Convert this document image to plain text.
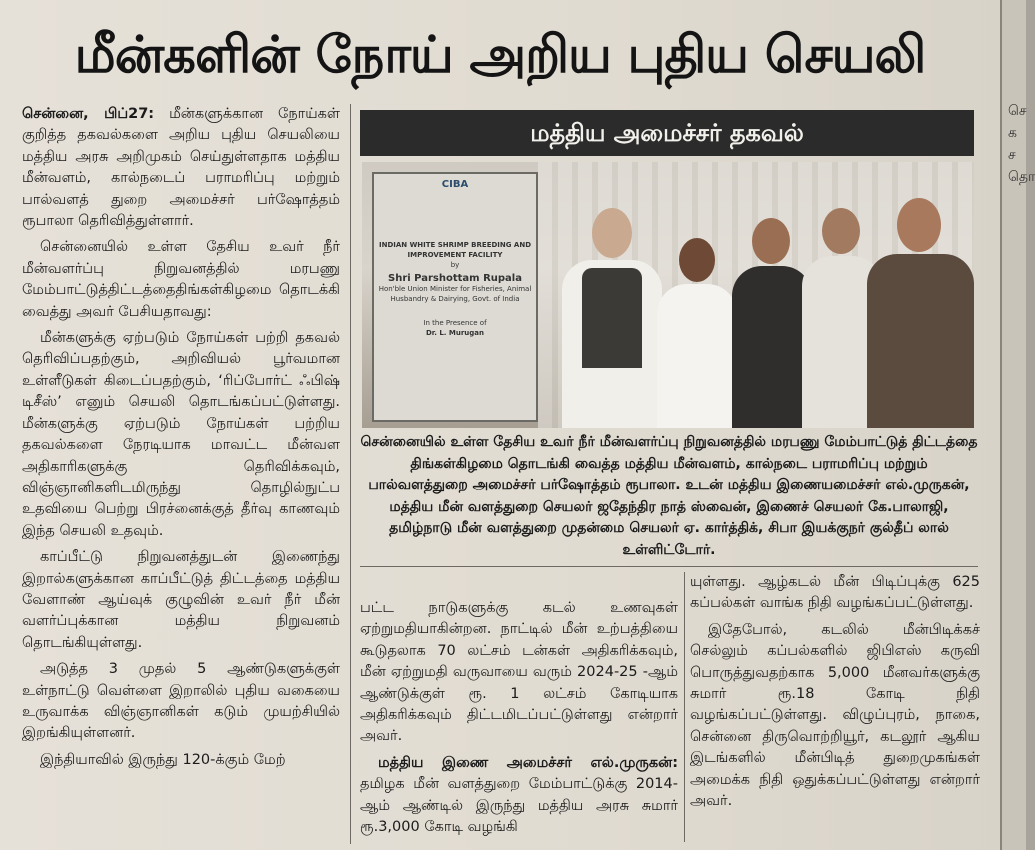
மீன்களின் நோய் அறிய புதிய செயலி

சென்னை, பிப்27: மீன்களுக்கான நோய்கள் குறித்த தகவல்களை அறிய புதிய செயலியை மத்திய அரசு அறிமுகம் செய்துள்ளதாக மத்திய மீன்வளம், கால்நடைப் பராமரிப்பு மற்றும் பால்வளத் துறை அமைச்சர் பர்ஷோத்தம் ரூபாலா தெரிவித்துள்ளார்.

சென்னையில் உள்ள தேசிய உவர் நீர் மீன்வளர்ப்பு நிறுவனத்தில் மரபணு மேம்பாட்டுத்திட்டத்தைதிங்கள்கிழமை தொடக்கி வைத்து அவர் பேசியதாவது:

மீன்களுக்கு ஏற்படும் நோய்கள் பற்றி தகவல் தெரிவிப்பதற்கும், அறிவியல் பூர்வமான உள்ளீடுகள் கிடைப்பதற்கும், ‘ரிப்போர்ட் ஃபிஷ் டிசீஸ்’ எனும் செயலி தொடங்கப்பட்டுள்ளது. மீன்களுக்கு ஏற்படும் நோய்கள் பற்றிய தகவல்களை நேரடியாக மாவட்ட மீன்வள அதிகாரிகளுக்கு தெரிவிக்கவும், விஞ்ஞானிகளிடமிருந்து தொழில்நுட்ப உதவியை பெற்று பிரச்னைக்குத் தீர்வு காணவும் இந்த செயலி உதவும்.

காப்பீட்டு நிறுவனத்துடன் இணைந்து இறால்களுக்கான காப்பீட்டுத் திட்டத்தை மத்திய வேளாண் ஆய்வுக் குழுவின் உவர் நீர் மீன் வளர்ப்புக்கான மத்திய நிறுவனம் தொடங்கியுள்ளது.

அடுத்த 3 முதல் 5 ஆண்டுகளுக்குள் உள்நாட்டு வெள்ளை இறாலில் புதிய வகையை உருவாக்க விஞ்ஞானிகள் கடும் முயற்சியில் இறங்கியுள்ளனர்.

இந்தியாவில் இருந்து 120-க்கும் மேற்

மத்திய அமைச்சர் தகவல்
CIBA
INDIAN WHITE SHRIMP BREEDING AND IMPROVEMENT FACILITY
by
Shri Parshottam Rupala
Hon'ble Union Minister for Fisheries, Animal Husbandry & Dairying, Govt. of India
In the Presence of
Dr. L. Murugan
சென்னையில் உள்ள தேசிய உவர் நீர் மீன்வளர்ப்பு நிறுவனத்தில் மரபணு மேம்பாட்டுத் திட்டத்தை திங்கள்கிழமை தொடங்கி வைத்த மத்திய மீன்வளம், கால்நடை பராமரிப்பு மற்றும் பால்வளத்துறை அமைச்சர் பர்ஷோத்தம் ரூபாலா. உடன் மத்திய இணையமைச்சர் எல்.முருகன், மத்திய மீன் வளத்துறை செயலர் ஜதேந்திர நாத் ஸ்வைன், இணைச் செயலர் கே.பாலாஜி, தமிழ்நாடு மீன் வளத்துறை முதன்மை செயலர் ஏ. கார்த்திக், சிபா இயக்குநர் குல்தீப் லால் உள்ளிட்டோர்.

பட்ட நாடுகளுக்கு கடல் உணவுகள் ஏற்றுமதியாகின்றன. நாட்டில் மீன் உற்பத்தியை கூடுதலாக 70 லட்சம் டன்கள் அதிகரிக்கவும், மீன் ஏற்றுமதி வருவாயை வரும் 2024-25 -ஆம் ஆண்டுக்குள் ரூ. 1 லட்சம் கோடியாக அதிகரிக்கவும் திட்டமிடப்பட்டுள்ளது என்றார் அவர்.

மத்திய இணை அமைச்சர் எல்.முருகன்: தமிழக மீன் வளத்துறை மேம்பாட்டுக்கு 2014-ஆம் ஆண்டில் இருந்து மத்திய அரசு சுமார் ரூ.3,000 கோடி வழங்கி

யுள்ளது. ஆழ்கடல் மீன் பிடிப்புக்கு 625 கப்பல்கள் வாங்க நிதி வழங்கப்பட்டுள்ளது.

இதேபோல், கடலில் மீன்பிடிக்கச் செல்லும் கப்பல்களில் ஜிபிஎஸ் கருவி பொருத்துவதற்காக 5,000 மீனவர்களுக்கு சுமார் ரூ.18 கோடி நிதி வழங்கப்பட்டுள்ளது. விழுப்புரம், நாகை, சென்னை திருவொற்றியூர், கடலூர் ஆகிய இடங்களில் மீன்பிடித் துறைமுகங்கள் அமைக்க நிதி ஒதுக்கப்பட்டுள்ளது என்றார் அவர்.

செ
க
ச
தொ
